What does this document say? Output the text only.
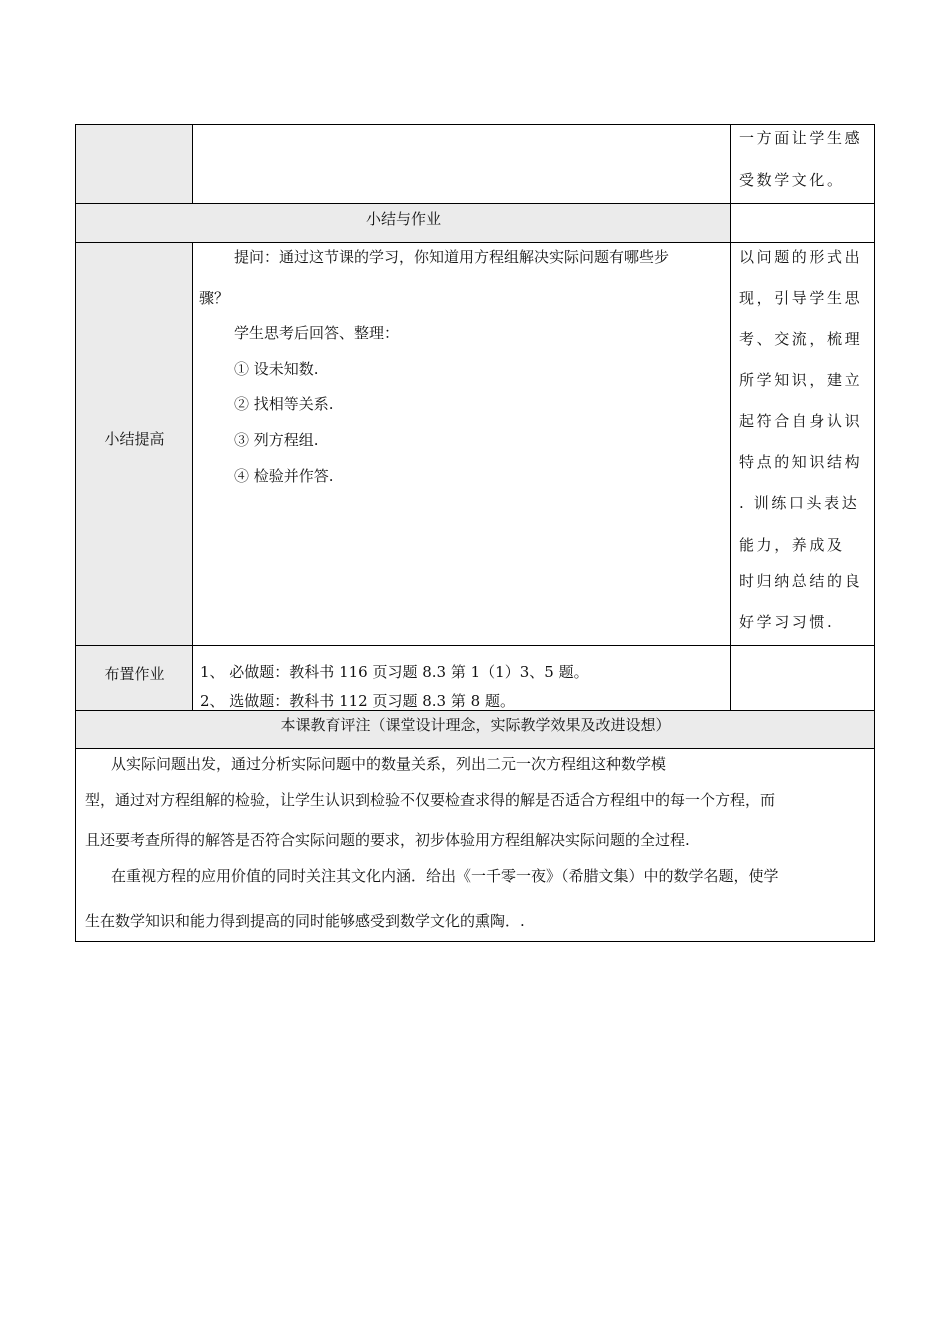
一方面让学生感
受数学文化。
小结与作业
小结提高
提问：通过这节课的学习，你知道用方程组解决实际问题有哪些步
骤？
学生思考后回答、整理：
① 设未知数.
② 找相等关系.
③ 列方程组.
④ 检验并作答.
以问题的形式出
现，引导学生思
考、交流，梳理
所学知识，建立
起符合自身认识
特点的知识结构
. 训练口头表达
能力，养成及
时归纳总结的良
好学习习惯.
布置作业	1、 必做题：教科书 116 页习题 8.3 第 1（1）3、5 题。
2、 选做题：教科书 112 页习题 8.3 第 8 题。
本课教育评注（课堂设计理念，实际教学效果及改进设想）
从实际问题出发，通过分析实际问题中的数量关系，列出二元一次方程组这种数学模
型，通过对方程组解的检验，让学生认识到检验不仅要检查求得的解是否适合方程组中的每一个方程，而
且还要考查所得的解答是否符合实际问题的要求，初步体验用方程组解决实际问题的全过程.
在重视方程的应用价值的同时关注其文化内涵．给出《一千零一夜》（希腊文集）中的数学名题，使学
生在数学知识和能力得到提高的同时能够感受到数学文化的熏陶．.
